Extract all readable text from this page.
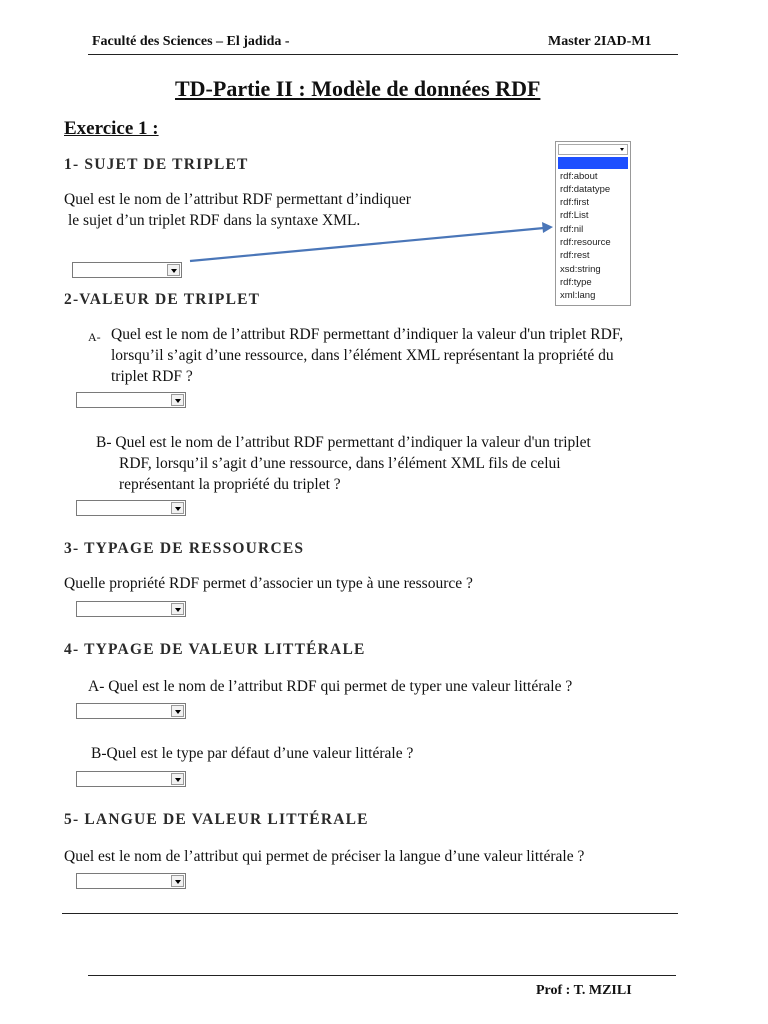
Faculté des Sciences – El jadida -	Master 2IAD-M1
TD-Partie II : Modèle de données RDF
Exercice 1 :
1- SUJET DE TRIPLET
Quel est le nom de l’attribut RDF permettant d’indiquer
le sujet d’un triplet RDF dans la syntaxe XML.
rdf:about
rdf:datatype
rdf:first
rdf:List
rdf:nil
rdf:resource
rdf:rest
xsd:string
rdf:type
xml:lang
2-VALEUR DE TRIPLET
A- Quel est le nom de l’attribut RDF permettant d’indiquer la valeur d'un triplet RDF,
lorsqu’il s’agit d’une ressource, dans l’élément XML représentant la propriété du
triplet RDF ?
B- Quel est le nom de l’attribut RDF permettant d’indiquer la valeur d'un triplet
RDF, lorsqu’il s’agit d’une ressource, dans l’élément XML fils de celui
représentant la propriété du triplet ?
3- TYPAGE DE RESSOURCES
Quelle propriété RDF permet d’associer un type à une ressource ?
4- TYPAGE DE VALEUR LITTÉRALE
A- Quel est le nom de l’attribut RDF qui permet de typer une valeur littérale ?
B-Quel est le type par défaut d’une valeur littérale ?
5- LANGUE DE VALEUR LITTÉRALE
Quel est le nom de l’attribut qui permet de préciser la langue d’une valeur littérale ?
Prof : T. MZILI
